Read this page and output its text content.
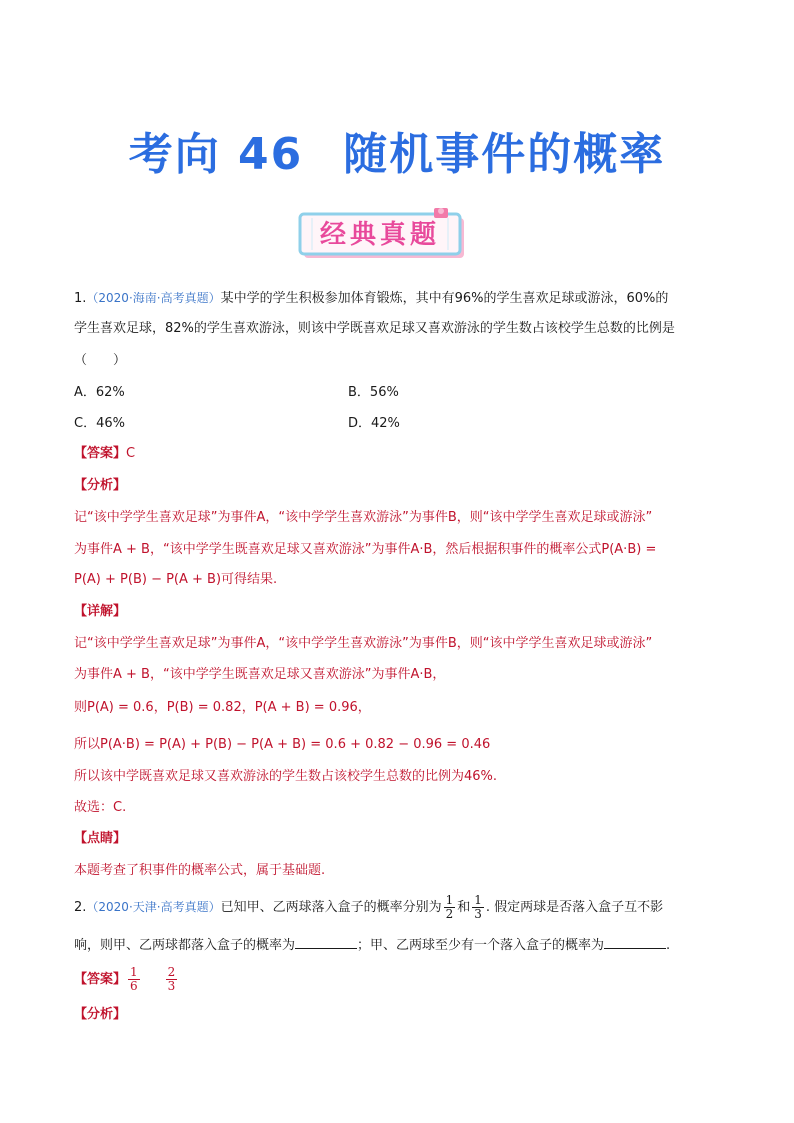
考向 46 随机事件的概率
经典真题
1.（2020·海南·高考真题）某中学的学生积极参加体育锻炼，其中有96%的学生喜欢足球或游泳，60%的
学生喜欢足球，82%的学生喜欢游泳，则该中学既喜欢足球又喜欢游泳的学生数占该校学生总数的比例是
（　　）
A．62%	B．56%
C．46%	D．42%
【答案】C
【分析】
记“该中学学生喜欢足球”为事件A，“该中学学生喜欢游泳”为事件B，则“该中学学生喜欢足球或游泳”
为事件A + B，“该中学学生既喜欢足球又喜欢游泳”为事件A·B，然后根据积事件的概率公式P(A·B) =
P(A) + P(B) − P(A + B)可得结果.
【详解】
记“该中学学生喜欢足球”为事件A，“该中学学生喜欢游泳”为事件B，则“该中学学生喜欢足球或游泳”
为事件A + B，“该中学学生既喜欢足球又喜欢游泳”为事件A·B，
则P(A) = 0.6，P(B) = 0.82，P(A + B) = 0.96，
所以P(A·B) = P(A) + P(B) − P(A + B) = 0.6 + 0.82 − 0.96 = 0.46
所以该中学既喜欢足球又喜欢游泳的学生数占该校学生总数的比例为46%.
故选：C.
【点睛】
本题考查了积事件的概率公式，属于基础题.
2.（2020·天津·高考真题）已知甲、乙两球落入盒子的概率分别为 $\frac{1}{2}$ 和 $\frac{1}{3}$ . 假定两球是否落入盒子互不影
响，则甲、乙两球都落入盒子的概率为	；甲、乙两球至少有一个落入盒子的概率为	.
【答案】 $\frac{1}{6} \frac{2}{3}$
【分析】
